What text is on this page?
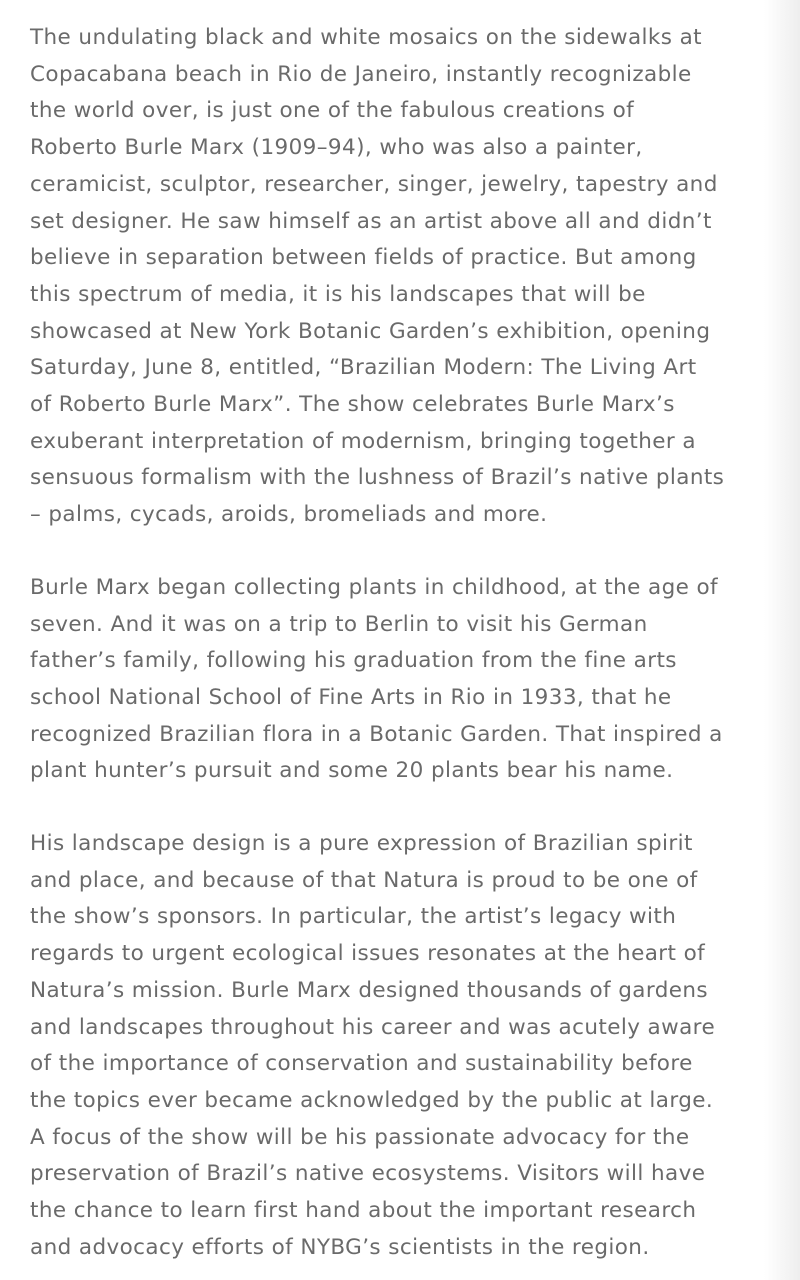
The undulating black and white mosaics on the sidewalks at
Copacabana beach in Rio de Janeiro, instantly recognizable
the world over, is just one of the fabulous creations of
Roberto Burle Marx (1909–94), who was also a painter,
ceramicist, sculptor, researcher, singer, jewelry, tapestry and
set designer. He saw himself as an artist above all and didn’t
believe in separation between fields of practice. But among
this spectrum of media, it is his landscapes that will be
showcased at New York Botanic Garden’s exhibition, opening
Saturday, June 8, entitled, “Brazilian Modern: The Living Art
of Roberto Burle Marx”. The show celebrates Burle Marx’s
exuberant interpretation of modernism, bringing together a
sensuous formalism with the lushness of Brazil’s native plants
– palms, cycads, aroids, bromeliads and more.

Burle Marx began collecting plants in childhood, at the age of
seven. And it was on a trip to Berlin to visit his German
father’s family, following his graduation from the fine arts
school National School of Fine Arts in Rio in 1933, that he
recognized Brazilian flora in a Botanic Garden. That inspired a
plant hunter’s pursuit and some 20 plants bear his name.

His landscape design is a pure expression of Brazilian spirit
and place, and because of that Natura is proud to be one of
the show’s sponsors. In particular, the artist’s legacy with
regards to urgent ecological issues resonates at the heart of
Natura’s mission. Burle Marx designed thousands of gardens
and landscapes throughout his career and was acutely aware
of the importance of conservation and sustainability before
the topics ever became acknowledged by the public at large.
A focus of the show will be his passionate advocacy for the
preservation of Brazil’s native ecosystems. Visitors will have
the chance to learn first hand about the important research
and advocacy efforts of NYBG’s scientists in the region.
